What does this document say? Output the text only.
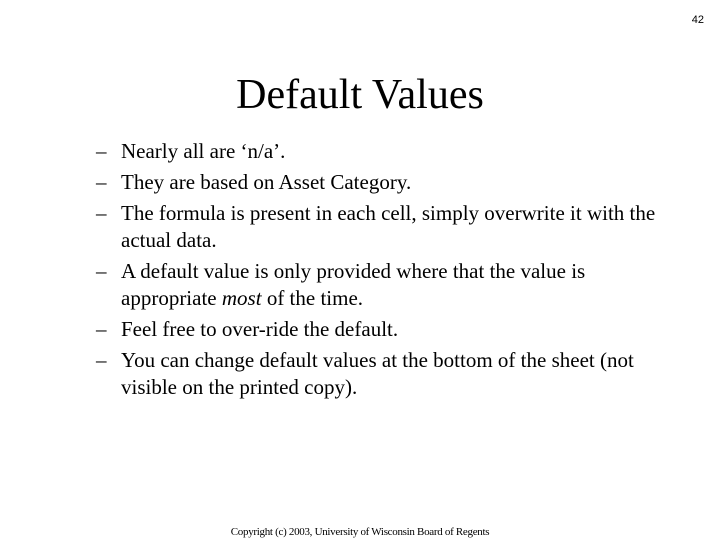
42
Default Values
– Nearly all are ‘n/a’.
– They are based on Asset Category.
– The formula is present in each cell, simply overwrite it with the actual data.
– A default value is only provided where that the value is appropriate most of the time.
– Feel free to over-ride the default.
– You can change default values at the bottom of the sheet (not visible on the printed copy).
Copyright (c) 2003, University of Wisconsin Board of Regents
